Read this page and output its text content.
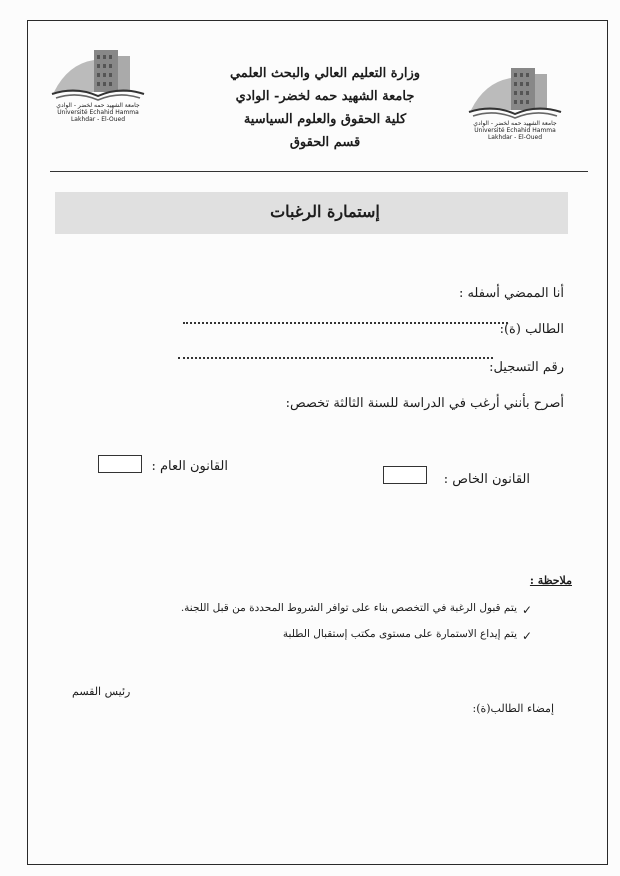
جامعة الشهيد حمه لخضر - الوادي
Université Echahid Hamma Lakhdar - El-Oued
جامعة الشهيد حمه لخضر - الوادي
Université Echahid Hamma Lakhdar - El-Oued
وزارة التعليم العالي والبحث العلمي
جامعة الشهيد حمه لخضر- الوادي
كلية الحقوق والعلوم السياسية
قسم الحقوق
إستمارة الرغبات
أنا الممضي أسفله :
الطالب (ة):
رقم التسجيل:
أصرح بأنني أرغب في الدراسة للسنة الثالثة تخصص:
القانون الخاص :
القانون العام :
ملاحظة :
✓
يتم قبول الرغبة في التخصص بناء على توافر الشروط المحددة من قبل اللجنة.
✓
يتم إيداع الاستمارة على مستوى مكتب إستقبال الطلبة
رئيس القسم
إمضاء الطالب(ة):
